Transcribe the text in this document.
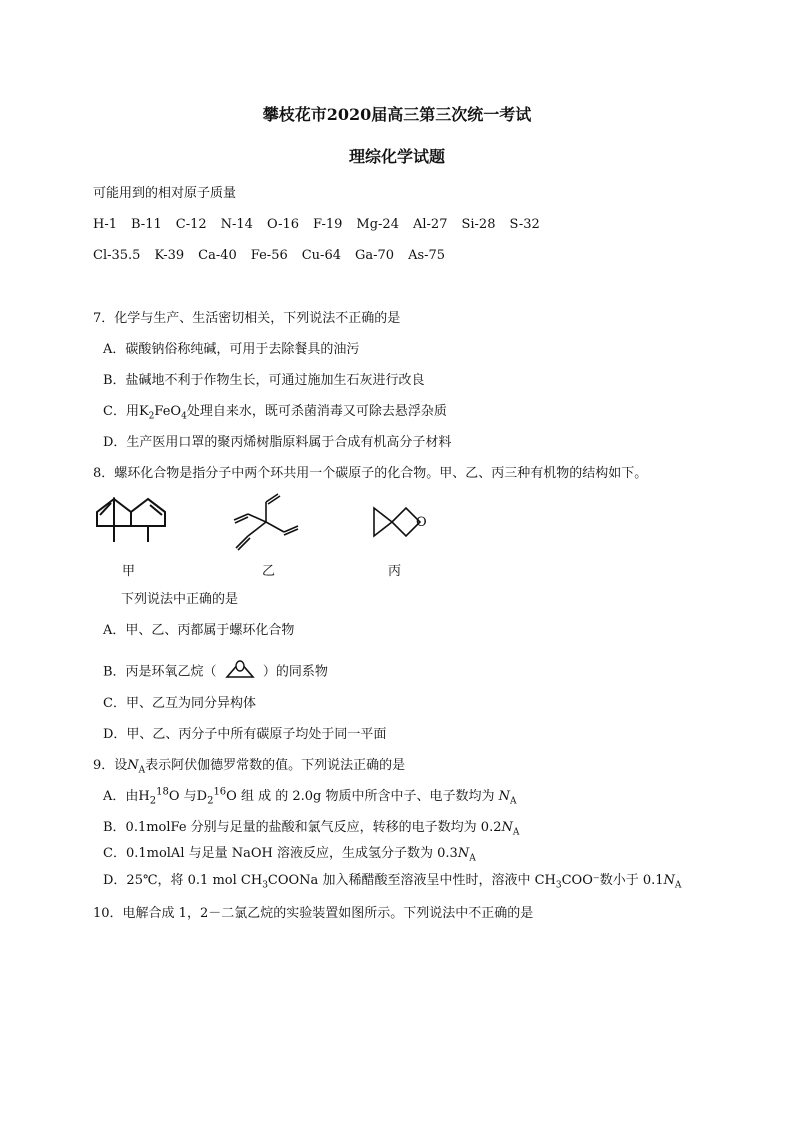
攀枝花市2020届高三第三次统一考试
理综化学试题
可能用到的相对原子质量
H-1 B-11 C-12 N-14 O-16 F-19 Mg-24 Al-27 Si-28 S-32
Cl-35.5 K-39 Ca-40 Fe-56 Cu-64 Ga-70 As-75
7．化学与生产、生活密切相关，下列说法不正确的是
A．碳酸钠俗称纯碱，可用于去除餐具的油污
B．盐碱地不利于作物生长，可通过施加生石灰进行改良
C．用$K_2FeO_4$处理自来水，既可杀菌消毒又可除去悬浮杂质
D．生产医用口罩的聚丙烯树脂原料属于合成有机高分子材料
8．螺环化合物是指分子中两个环共用一个碳原子的化合物。甲、乙、丙三种有机物的结构如下。
甲	乙
O
丙
下列说法中正确的是
A．甲、乙、丙都属于螺环化合物
B．丙是环氧乙烷（	）的同系物
C．甲、乙互为同分异构体
D．甲、乙、丙分子中所有碳原子均处于同一平面
9．设$N_A$表示阿伏伽德罗常数的值。下列说法正确的是
A．由$H_2^{18}O$ 与$D_2^{16}O$ 组 成 的 2.0g 物质中所含中子、电子数均为 $N_A$
B．0.1molFe 分别与足量的盐酸和氯气反应，转移的电子数均为 $0.2N_A$
C．0.1molAl 与足量 NaOH 溶液反应，生成氢分子数为 $0.3N_A$
D．25℃，将 0.1 mol $CH_3COONa$ 加入稀醋酸至溶液呈中性时，溶液中 $CH_3COO^-$数小于 $0.1N_A$
10．电解合成 1，2－二氯乙烷的实验装置如图所示。下列说法中不正确的是
